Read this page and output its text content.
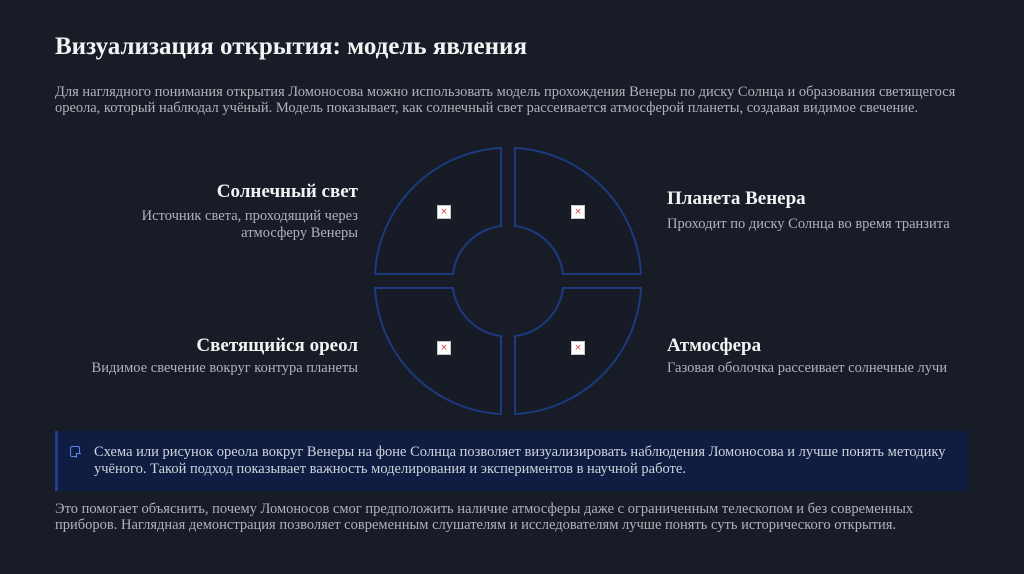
Визуализация открытия: модель явления
Для наглядного понимания открытия Ломоносова можно использовать модель прохождения Венеры по диску Солнца и образования светящегося ореола, который наблюдал учёный. Модель показывает, как солнечный свет рассеивается атмосферой планеты, создавая видимое свечение.
Солнечный свет
Источник света, проходящий через атмосферу Венеры
Планета Венера
Проходит по диску Солнца во время транзита
Светящийся ореол
Видимое свечение вокруг контура планеты
Атмосфера
Газовая оболочка рассеивает солнечные лучи
×	×
×	×
Схема или рисунок ореола вокруг Венеры на фоне Солнца позволяет визуализировать наблюдения Ломоносова и лучше понять методику учёного. Такой подход показывает важность моделирования и экспериментов в научной работе.
Это помогает объяснить, почему Ломоносов смог предположить наличие атмосферы даже с ограниченным телескопом и без современных приборов. Наглядная демонстрация позволяет современным слушателям и исследователям лучше понять суть исторического открытия.
